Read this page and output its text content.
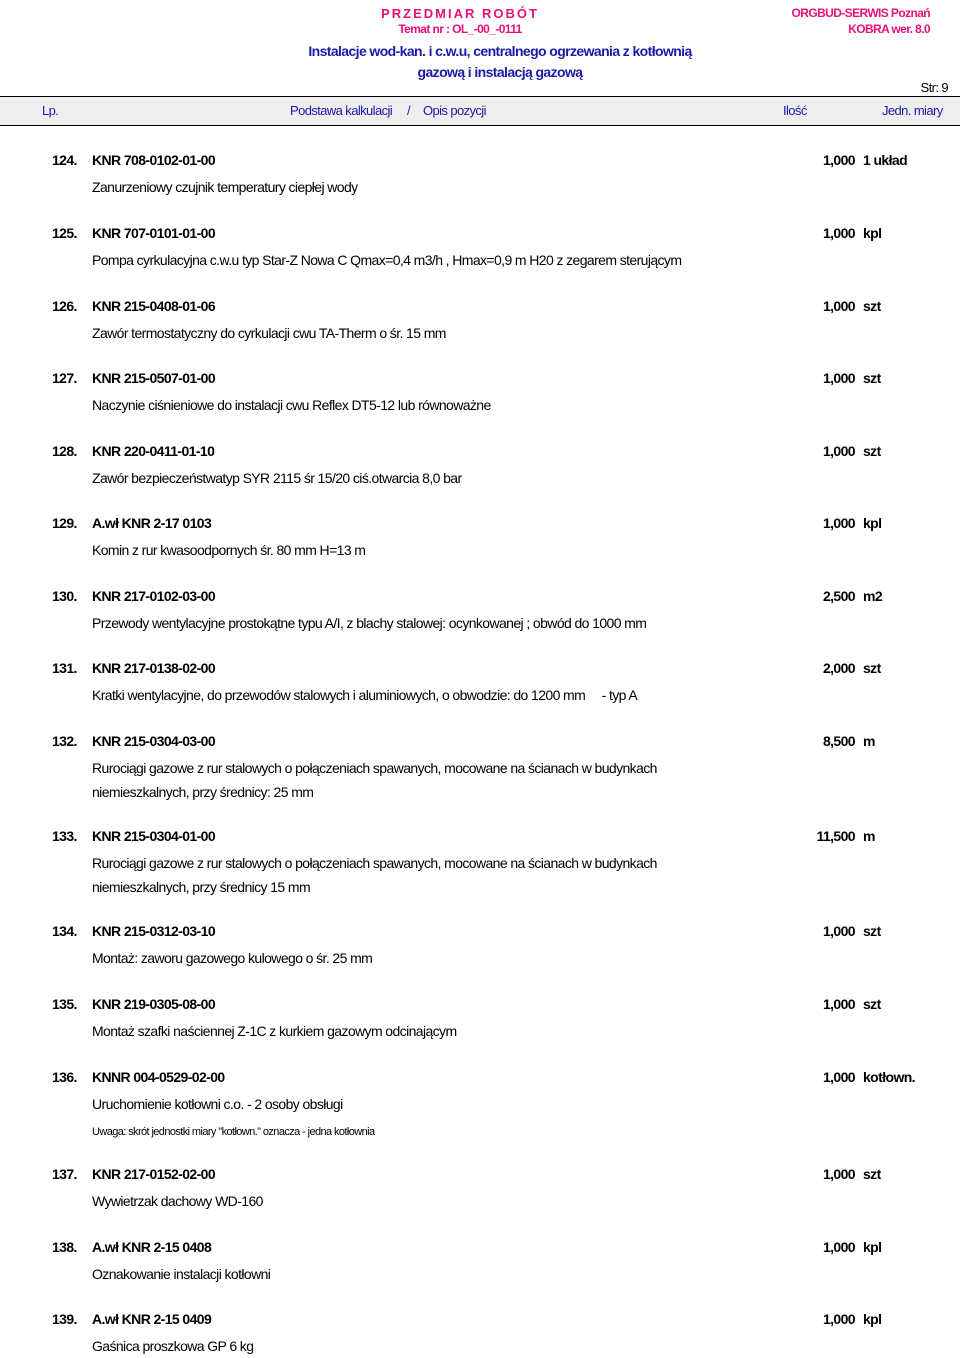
PRZEDMIAR ROBÓT
Temat nr : OL_-00_-0111
ORGBUD-SERWIS Poznań
KOBRA wer. 8.0
Instalacje wod-kan. i c.w.u, centralnego ogrzewania z kotłownią
gazową i instalacją gazową
Str: 9
Lp.	Podstawa kalkulacji / Opis pozycji	Ilość	Jedn. miary
124. KNR 708-0102-01-00	1,000 1 układ
Zanurzeniowy czujnik temperatury ciepłej wody
125. KNR 707-0101-01-00	1,000 kpl
Pompa cyrkulacyjna c.w.u typ Star-Z Nowa C Qmax=0,4 m3/h , Hmax=0,9 m H20 z zegarem sterującym
126. KNR 215-0408-01-06	1,000 szt
Zawór termostatyczny do cyrkulacji cwu TA-Therm o śr. 15 mm
127. KNR 215-0507-01-00	1,000 szt
Naczynie ciśnieniowe do instalacji cwu Reflex DT5-12 lub równoważne
128. KNR 220-0411-01-10	1,000 szt
Zawór bezpieczeństwatyp SYR 2115 śr 15/20 ciś.otwarcia 8,0 bar
129. A.wł KNR 2-17 0103	1,000 kpl
Komin z rur kwasoodpornych śr. 80 mm H=13 m
130. KNR 217-0102-03-00	2,500 m2
Przewody wentylacyjne prostokątne typu A/I, z blachy stalowej: ocynkowanej ; obwód do 1000 mm
131. KNR 217-0138-02-00	2,000 szt
Kratki wentylacyjne, do przewodów stalowych i aluminiowych, o obwodzie: do 1200 mm     - typ A
132. KNR 215-0304-03-00	8,500 m
Rurociągi gazowe z rur stalowych o połączeniach spawanych, mocowane na ścianach w budynkach
niemieszkalnych, przy średnicy: 25 mm
133. KNR 215-0304-01-00	11,500 m
Rurociągi gazowe z rur stalowych o połączeniach spawanych, mocowane na ścianach w budynkach
niemieszkalnych, przy średnicy 15 mm
134. KNR 215-0312-03-10	1,000 szt
Montaż: zaworu gazowego kulowego o śr. 25 mm
135. KNR 219-0305-08-00	1,000 szt
Montaż szafki naściennej Z-1C z kurkiem gazowym odcinającym
136. KNNR 004-0529-02-00	1,000 kotłown.
Uruchomienie kotłowni c.o. - 2 osoby obsługi
Uwaga: skrót jednostki miary "kotłown." oznacza - jedna kotłownia
137. KNR 217-0152-02-00	1,000 szt
Wywietrzak dachowy WD-160
138. A.wł KNR 2-15 0408	1,000 kpl
Oznakowanie instalacji kotłowni
139. A.wł KNR 2-15 0409	1,000 kpl
Gaśnica proszkowa GP 6 kg
